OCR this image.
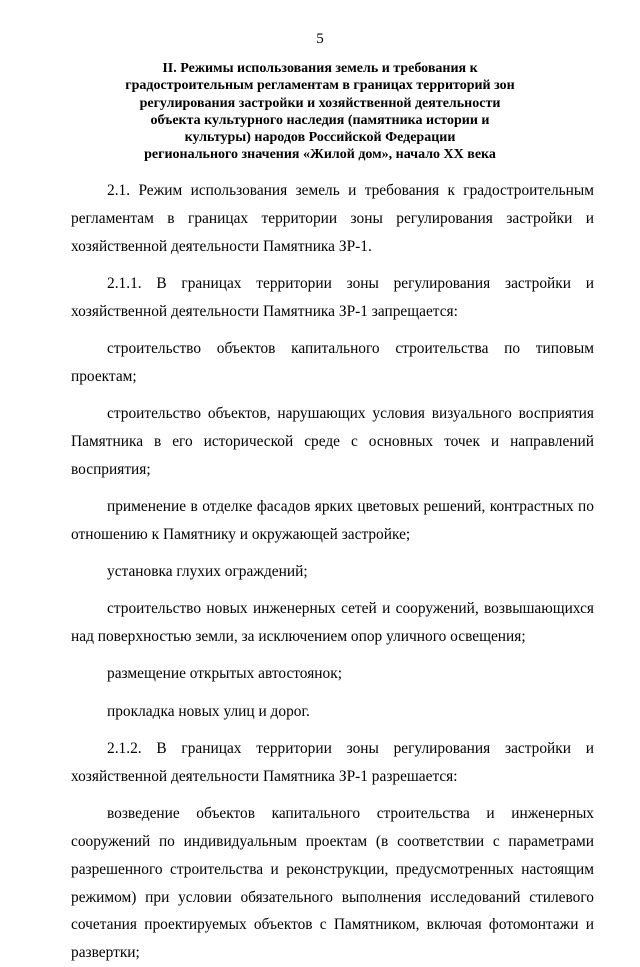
5
II. Режимы использования земель и требования к
градостроительным регламентам в границах территорий зон
регулирования застройки и хозяйственной деятельности
объекта культурного наследия (памятника истории и
культуры) народов Российской Федерации
регионального значения «Жилой дом», начало XX века

2.1. Режим использования земель и требования к градостроительным регламентам в границах территории зоны регулирования застройки и хозяйственной деятельности Памятника ЗР-1.

2.1.1. В границах территории зоны регулирования застройки и хозяйственной деятельности Памятника ЗР-1 запрещается:

строительство объектов капитального строительства по типовым проектам;

строительство объектов, нарушающих условия визуального восприятия Памятника в его исторической среде с основных точек и направлений восприятия;

применение в отделке фасадов ярких цветовых решений, контрастных по отношению к Памятнику и окружающей застройке;

установка глухих ограждений;

строительство новых инженерных сетей и сооружений, возвышающихся над поверхностью земли, за исключением опор уличного освещения;

размещение открытых автостоянок;

прокладка новых улиц и дорог.

2.1.2. В границах территории зоны регулирования застройки и хозяйственной деятельности Памятника ЗР-1 разрешается:

возведение объектов капитального строительства и инженерных сооружений по индивидуальным проектам (в соответствии с параметрами разрешенного строительства и реконструкции, предусмотренных настоящим режимом) при условии обязательного выполнения исследований стилевого сочетания проектируемых объектов с Памятником, включая фотомонтажи и развертки;
